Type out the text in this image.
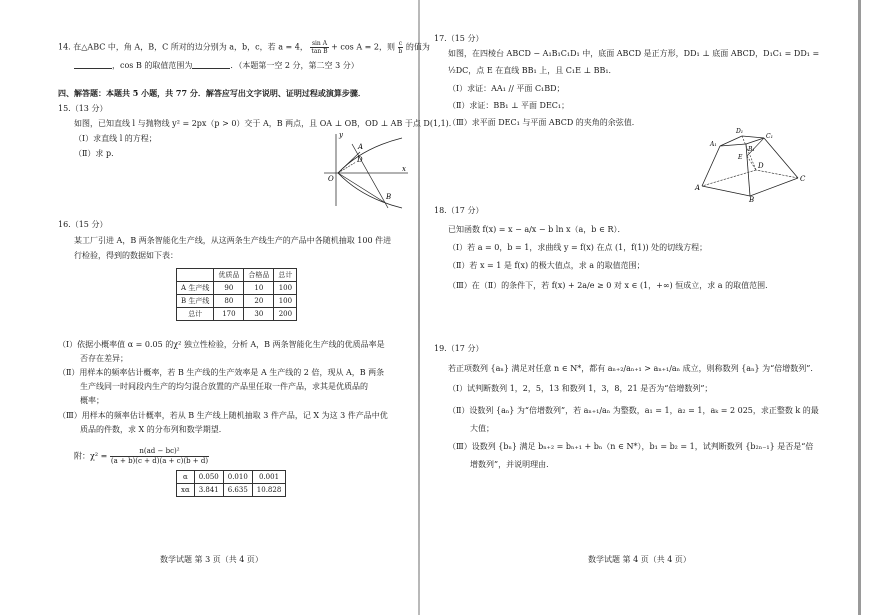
14. 在△ABC 中，角 A，B，C 所对的边分别为 a，b，c，若 a = 4， $\frac{\text{sin A}}{\text{tan B}} + \cos A = 2$，则 $\frac{c}{b}$ 的值为
，cos B 的取值范围为	．（本题第一空 2 分，第二空 3 分）
四、解答题：本题共 5 小题，共 77 分．解答应写出文字说明、证明过程或演算步骤．
15.（13 分）
如图，已知直线 l 与抛物线 y² = 2px（p > 0）交于 A，B 两点，且 OA ⊥ OB，OD ⊥ AB 于点 D(1,1)．
（Ⅰ）求直线 l 的方程；
（Ⅱ）求 p．
y
x
O
A
B
D
16.（15 分）
某工厂引进 A，B 两条智能化生产线，从这两条生产线生产的产品中各随机抽取 100 件进
行检验，得到的数据如下表：
	优质品	合格品	总计
A 生产线	90	10	100
B 生产线	80	20	100
总计	170	30	200
（Ⅰ）依据小概率值 α = 0.05 的χ² 独立性检验，分析 A，B 两条智能化生产线的优质品率是
否存在差异；
（Ⅱ）用样本的频率估计概率，若 B 生产线的生产效率是 A 生产线的 2 倍，现从 A，B 两条
生产线同一时间段内生产的均匀混合放置的产品里任取一件产品，求其是优质品的
概率；
（Ⅲ）用样本的频率估计概率，若从 B 生产线上随机抽取 3 件产品，记 X 为这 3 件产品中优
质品的件数，求 X 的分布列和数学期望．
附：$\chi^2 = \frac{\text{n(ad − bc)²}}{(a + b)(c + d)(a + c)(b + d)}$
α	0.050	0.010	0.001
xα	3.841	6.635	10.828
数学试题 第 3 页（共 4 页）
17.（15 分）
如图，在四棱台 ABCD − A₁B₁C₁D₁ 中，底面 ABCD 是正方形，DD₁ ⊥ 底面 ABCD，D₁C₁ = DD₁ =
½DC，点 E 在直线 BB₁ 上，且 C₁E ⊥ BB₁．
（Ⅰ）求证：AA₁ // 平面 C₁BD；
（Ⅱ）求证：BB₁ ⊥ 平面 DEC₁；
（Ⅲ）求平面 DEC₁ 与平面 ABCD 的夹角的余弦值．
A
B
C
D
A₁
B₁
C₁
D₁
E
18.（17 分）
已知函数 f(x) = x − a/x − b ln x（a，b ∈ R）．
（Ⅰ）若 a = 0，b = 1，求曲线 y = f(x) 在点 (1，f(1)) 处的切线方程；
（Ⅱ）若 x = 1 是 f(x) 的极大值点，求 a 的取值范围；
（Ⅲ）在（Ⅱ）的条件下，若 f(x) + 2a/e ≥ 0 对 x ∈ (1，+∞) 恒成立，求 a 的取值范围．
19.（17 分）
若正项数列 {aₙ} 满足对任意 n ∈ N*，都有 aₙ₊₂/aₙ₊₁ > aₙ₊₁/aₙ 成立，则称数列 {aₙ} 为“倍增数列”．
（Ⅰ）试判断数列 1，2，5，13 和数列 1，3，8，21 是否为“倍增数列”；
（Ⅱ）设数列 {aₙ} 为“倍增数列”，若 aₙ₊₁/aₙ 为整数，a₁ = 1，a₂ = 1，aₖ = 2 025，求正整数 k 的最
大值；
（Ⅲ）设数列 {bₙ} 满足 bₙ₊₂ = bₙ₊₁ + bₙ（n ∈ N*），b₁ = b₂ = 1，试判断数列 {b₂ₙ₋₁} 是否是“倍
增数列”，并说明理由．
数学试题 第 4 页（共 4 页）
